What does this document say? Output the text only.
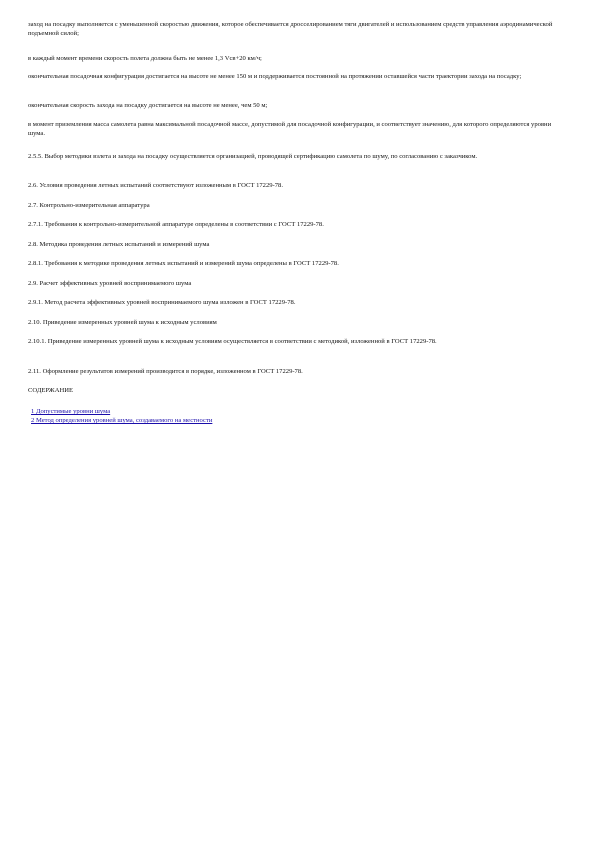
заход на посадку выполняется с уменьшенной скоростью движения, которое обеспечивается дросселированием тяги двигателей и использованием средств управления аэродинамической подъемной силой;

в каждый момент времени скорость полета должна быть не менее 1,3 Vсв+20 км/ч;

окончательная посадочная конфигурация достигается на высоте не менее 150 м и поддерживается постоянной на протяжении оставшейся части траектории захода на посадку;

окончательная скорость захода на посадку достигается на высоте не менее, чем 50 м;

в момент приземления масса самолета равна максимальной посадочной массе, допустимой для посадочной конфигурации, и соответствует значению, для которого определяются уровни шума.

2.5.5. Выбор методики взлета и захода на посадку осуществляется организацией, проводящей сертификацию самолета по шуму, по согласованию с заказчиком.

2.6. Условия проведения летных испытаний соответствуют изложенным в ГОСТ 17229-78.

2.7. Контрольно-измерительная аппаратура

2.7.1. Требования к контрольно-измерительной аппаратуре определены в соответствии с ГОСТ 17229-78.

2.8. Методика проведения летных испытаний и измерений шума

2.8.1. Требования к методике проведения летных испытаний и измерений шума определены в ГОСТ 17229-78.

2.9. Расчет эффективных уровней воспринимаемого шума

2.9.1. Метод расчета эффективных уровней воспринимаемого шума изложен в ГОСТ 17229-78.

2.10. Приведение измеренных уровней шума к исходным условиям

2.10.1. Приведение измеренных уровней шума к исходным условиям осуществляется в соответствии с методикой, изложенной в ГОСТ 17229-78.

2.11. Оформление результатов измерений производится в порядке, изложенном в ГОСТ 17229-78.

СОДЕРЖАНИЕ

1 Допустимые уровни шума
2 Метод определения уровней шума, создаваемого на местности
